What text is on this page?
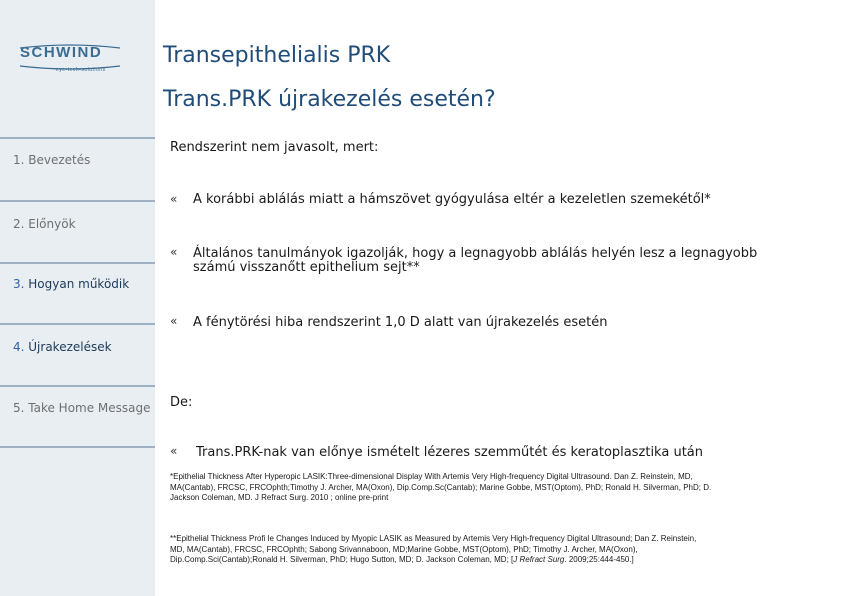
SCHWIND
eye-tech-solutions
1. Bevezetés
2. Előnyök
3. Hogyan működik
4. Újrakezelések
5. Take Home Message
Transepithelialis PRK
Trans.PRK újrakezelés esetén?
Rendszerint nem javasolt, mert:
« A korábbi ablálás miatt a hámszövet gyógyulása eltér a kezeletlen szemekétől*
« Általános tanulmányok igazolják, hogy a legnagyobb ablálás helyén lesz a legnagyobb
számú visszanőtt epithelium sejt**
« A fénytörési hiba rendszerint 1,0 D alatt van újrakezelés esetén
De:
« Trans.PRK-nak van előnye ismételt lézeres szemműtét és keratoplasztika után
*Epithelial Thickness After Hyperopic LASIK:Three-dimensional Display With Artemis Very High-frequency Digital Ultrasound. Dan Z. Reinstein, MD,
MA(Cantab), FRCSC, FRCOphth;Timothy J. Archer, MA(Oxon), Dip.Comp.Sc(Cantab); Marine Gobbe, MST(Optom), PhD; Ronald H. Silverman, PhD; D.
Jackson Coleman, MD. J Refract Surg. 2010 ; online pre-print
**Epithelial Thickness Profi le Changes Induced by Myopic LASIK as Measured by Artemis Very High-frequency Digital Ultrasound; Dan Z. Reinstein,
MD, MA(Cantab), FRCSC, FRCOphth; Sabong Srivannaboon, MD;Marine Gobbe, MST(Optom), PhD; Timothy J. Archer, MA(Oxon),
Dip.Comp.Sci(Cantab);Ronald H. Silverman, PhD; Hugo Sutton, MD; D. Jackson Coleman, MD; [J Refract Surg. 2009;25:444-450.]
